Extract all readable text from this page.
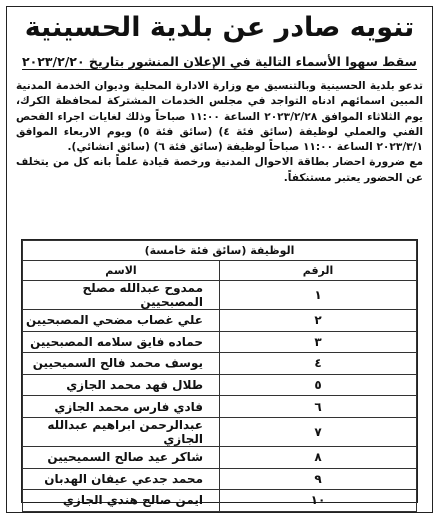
تنويه صادر عن بلدية الحسينية
سقط سهوا الأسماء التالية في الإعلان المنشور بتاريخ ٢٠٢٣/٢/٢٠

تدعو بلدية الحسينية وبالتنسيق مع وزارة الادارة المحلية وديوان الخدمة المدنية المبين اسمائهم ادناه التواجد في مجلس الخدمات المشتركة لمحافظة الكرك، يوم الثلاثاء الموافق ٢٠٢٣/٢/٢٨ الساعة ١١:٠٠ صباحاً وذلك لغايات اجراء الفحص الفني والعملي لوظيفة (سائق فئة ٤) (سائق فئة ٥) ويوم الاربعاء الموافق ٢٠٢٣/٣/١ الساعة ١١:٠٠ صباحاً لوظيفة (سائق فئة ٦) (سائق انشائي).

مع ضرورة احضار بطاقة الاحوال المدنية ورخصة قيادة علماً بانه كل من يتخلف عن الحضور يعتبر مستنكفاً.

الوظيفة (سائق فئة خامسة)	
الرقم	الاسم
١	ممدوح عبدالله مصلح المصبحيين
٢	علي غصاب مضحي المصبحيين
٣	حماده فايق سلامه المصبحيين
٤	يوسف محمد فالح السميحيين
٥	طلال فهد محمد الجازي
٦	فادي فارس محمد الجازي
٧	عبدالرحمن ابراهيم عبدالله الجازي
٨	شاكر عيد صالح السميحيين
٩	محمد جدعي عيفان الهدبان
١٠	ايمن صالح هندي الجازي
